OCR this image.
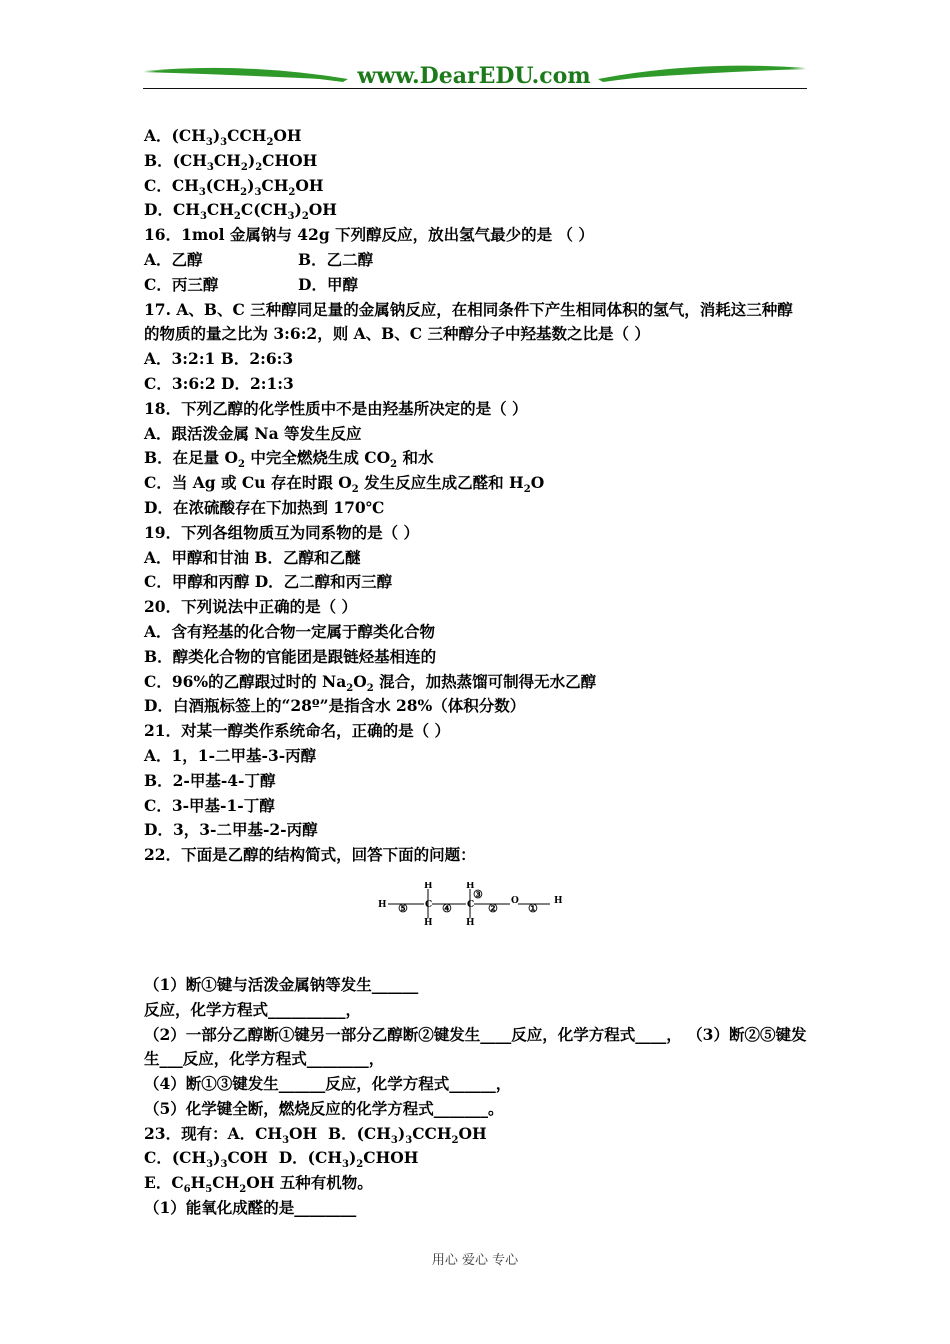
www.DearEDU.com
A．$(CH_3)_3CCH_2OH$
B．$(CH_3CH_2)_2CHOH$
C．$CH_3(CH_2)_3CH_2OH$
D．$CH_3CH_2C(CH_3)_2OH$
16．1mol 金属钠与 42g 下列醇反应，放出氢气最少的是 （ ）
A．乙醇	B．乙二醇
C．丙三醇	D．甲醇
17. A、B、C 三种醇同足量的金属钠反应，在相同条件下产生相同体积的氢气，消耗这三种醇的物质的量之比为 3:6:2，则 A、B、C 三种醇分子中羟基数之比是（ ）
A．3:2:1 B．2:6:3
C．3:6:2 D．2:1:3
18．下列乙醇的化学性质中不是由羟基所决定的是（ ）
A．跟活泼金属 Na 等发生反应
B．在足量 $O_2$ 中完全燃烧生成 $CO_2$ 和水
C．当 Ag 或 Cu 存在时跟 $O_2$ 发生反应生成乙醛和 $H_2O$
D．在浓硫酸存在下加热到 170℃
19．下列各组物质互为同系物的是（ ）
A．甲醇和甘油 B．乙醇和乙醚
C．甲醇和丙醇 D．乙二醇和丙三醇
20．下列说法中正确的是（ ）
A．含有羟基的化合物一定属于醇类化合物
B．醇类化合物的官能团是跟链烃基相连的
C．96%的乙醇跟过时的 $Na_2O_2$ 混合，加热蒸馏可制得无水乙醇
D．白酒瓶标签上的“28º”是指含水 28%（体积分数）
21．对某一醇类作系统命名，正确的是（ ）
A．1，1-二甲基-3-丙醇
B．2-甲基-4-丁醇
C．3-甲基-1-丁醇
D．3，3-二甲基-2-丙醇
22．下面是乙醇的结构简式，回答下面的问题：
H
H
H
C	C	O
H
H
H
⑤	④
③
②	①
（1）断①键与活泼金属钠等发生______
反应，化学方程式__________，
（2）一部分乙醇断①键另一部分乙醇断②键发生____反应，化学方程式____， （3）断②⑤键发生___反应，化学方程式________，
（4）断①③键发生______反应，化学方程式______，
（5）化学键全断，燃烧反应的化学方程式_______。
23．现有：A．$CH_3OH$  B．$(CH_3)_3CCH_2OH$
C．$(CH_3)_3COH$  D．$(CH_3)_2CHOH$
E．$C_6H_5CH_2OH$ 五种有机物。
（1）能氧化成醛的是________
用心 爱心 专心
